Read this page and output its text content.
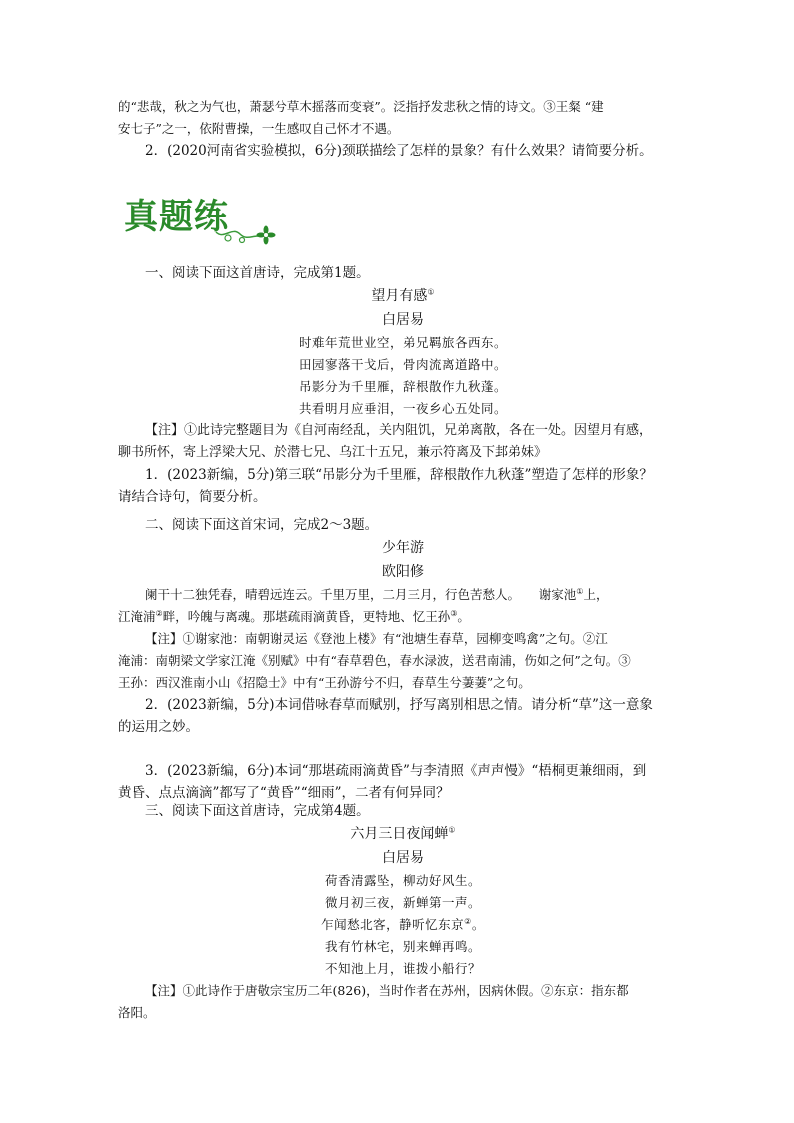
的“悲哉，秋之为气也，萧瑟兮草木摇落而变衰”。泛指抒发悲秋之情的诗文。③王粲 “建

安七子”之一，依附曹操，一生感叹自己怀才不遇。

2．(2020河南省实验模拟，6分)颈联描绘了怎样的景象？有什么效果？请简要分析。

真题练

一、阅读下面这首唐诗，完成第1题。

望月有感①

白居易

时难年荒世业空，弟兄羁旅各西东。

田园寥落干戈后，骨肉流离道路中。

吊影分为千里雁，辞根散作九秋蓬。

共看明月应垂泪，一夜乡心五处同。

【注】①此诗完整题目为《自河南经乱，关内阻饥，兄弟离散，各在一处。因望月有感，

聊书所怀，寄上浮梁大兄、於潜七兄、乌江十五兄，兼示符离及下邽弟妹》

1．(2023新编，5分)第三联“吊影分为千里雁，辞根散作九秋蓬”塑造了怎样的形象？

请结合诗句，简要分析。

二、阅读下面这首宋词，完成2～3题。

少年游

欧阳修

阑干十二独凭春，晴碧远连云。千里万里，二月三月，行色苦愁人。　　 谢家池①上，

江淹浦②畔，吟魄与离魂。那堪疏雨滴黄昏，更特地、忆王孙③。

【注】①谢家池：南朝谢灵运《登池上楼》有“池塘生春草，园柳变鸣禽”之句。②江

淹浦：南朝梁文学家江淹《别赋》中有“春草碧色，春水渌波，送君南浦，伤如之何”之句。③

王孙：西汉淮南小山《招隐士》中有“王孙游兮不归，春草生兮萋萋”之句。

2．(2023新编，5分)本词借咏春草而赋别，抒写离别相思之情。请分析“草”这一意象

的运用之妙。

3．(2023新编，6分)本词“那堪疏雨滴黄昏”与李清照《声声慢》“梧桐更兼细雨，到

黄昏、点点滴滴”都写了“黄昏”“细雨”，二者有何异同？

三、阅读下面这首唐诗，完成第4题。

六月三日夜闻蝉①

白居易

荷香清露坠，柳动好风生。

微月初三夜，新蝉第一声。

乍闻愁北客，静听忆东京②。

我有竹林宅，别来蝉再鸣。

不知池上月，谁拨小船行？

【注】①此诗作于唐敬宗宝历二年(826)，当时作者在苏州，因病休假。②东京：指东都

洛阳。
